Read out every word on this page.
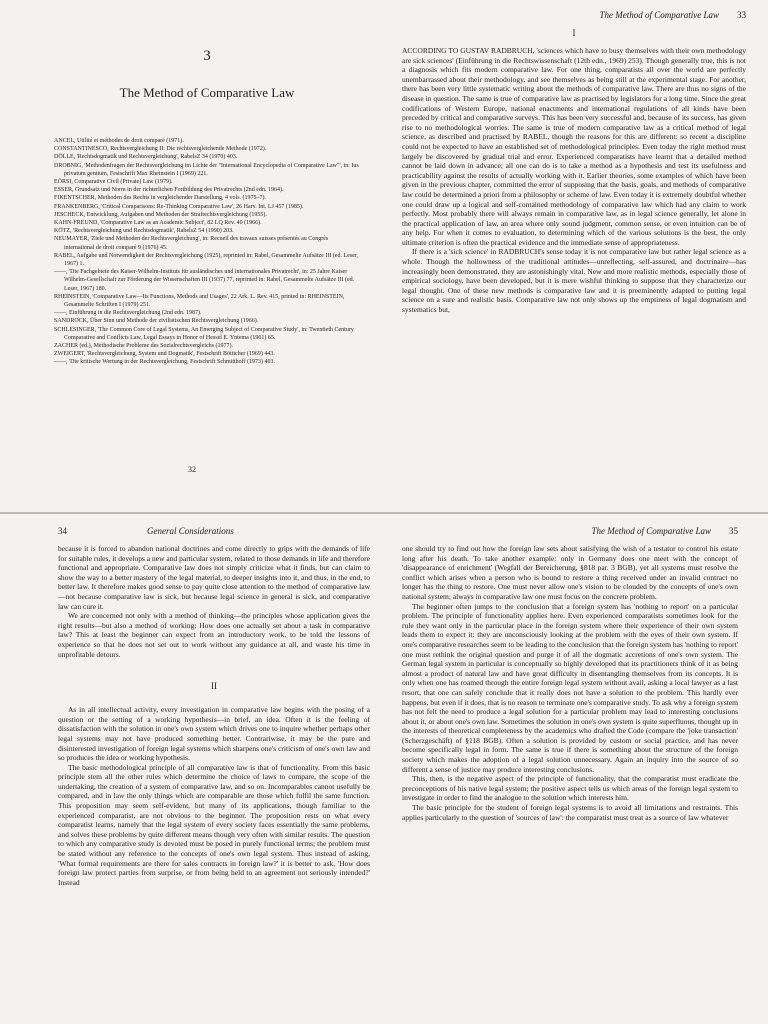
3
The Method of Comparative Law
ANCEL, Utilité et méthodes de droit comparé (1971).
CONSTANTINESCO, Rechtsvergleichung II: Die rechtsvergleichende Methode (1972).
DÖLLE, 'Rechtsdogmatik und Rechtsvergleichung', RabelsZ 34 (1970) 403.
DROBNIG, 'Methodenfragen der Rechtsvergleichung im Lichte der "International Encyclopedia of Comparative Law"', in: Ius privatum gentium, Festschrift Max Rheinstein I (1969) 221.
EÖRSI, Comparative Civil (Private) Law (1979).
ESSER, Grundsatz und Norm in der richterlichen Fortbildung des Privatrechts (2nd edn. 1964).
FIKENTSCHER, Methoden des Rechts in vergleichender Darstellung, 4 vols. (1975–7).
FRANKENBERG, 'Critical Comparisons: Re-Thinking Comparative Law', 26 Harv. Int. LJ 457 (1985).
JESCHECK, Entwicklung, Aufgaben und Methoden der Strafrechtsvergleichung (1955).
KAHN-FREUND, 'Comparative Law as an Academic Subject', 82 LQ Rev. 40 (1966).
KÖTZ, 'Rechtsvergleichung und Rechtsdogmatik', RabelsZ 54 (1990) 203.
NEUMAYER, 'Ziele und Methoden der Rechtsvergleichung', in: Recueil des travaux suisses présentés au Congrès international de droit comparé 9 (1976) 45.
RABEL, Aufgabe und Notwendigkeit der Rechtsvergleichung (1925), reprinted in: Rabel, Gesammelte Aufsätze III (ed. Leser, 1967) 1.
——, 'Die Fachgebiete des Kaiser-Wilhelm-Instituts für ausländisches und internationales Privatrecht', in: 25 Jahre Kaiser Wilhelm-Gesellschaft zur Förderung der Wissenschaften III (1937) 77, reprinted in: Rabel, Gesammelte Aufsätze III (ed. Leser, 1967) 180.
RHEINSTEIN, 'Comparative Law—Its Functions, Methods and Usages', 22 Ark. L. Rev. 415, printed in: RHEINSTEIN, Gesammelte Schriften I (1979) 251.
——, Einführung in die Rechtsvergleichung (2nd edn. 1987).
SANDROCK, Über Sinn und Methode der zivilistischen Rechtsvergleichung (1966).
SCHLESINGER, 'The Common Core of Legal Systems, An Emerging Subject of Comparative Study', in: Twentieth Century Comparative and Conflicts Law, Legal Essays in Honor of Hessel E. Yntema (1961) 65.
ZACHER (ed.), Methodische Probleme des Sozialrechtsvergleichs (1977).
ZWEIGERT, 'Rechtsvergleichung, System und Dogmatik', Festschrift Bötticher (1969) 443.
——, 'Die kritische Wertung in der Rechtsvergleichung, Festschrift Schmitthoff (1973) 403.
32
The Method of Comparative Law 33
I

ACCORDING TO GUSTAV RADBRUCH, 'sciences which have to busy themselves with their own methodology are sick sciences' (Einführung in die Rechtswissenschaft (12th edn., 1969) 253). Though generally true, this is not a diagnosis which fits modern comparative law. For one thing, comparatists all over the world are perfectly unembarrassed about their methodology, and see themselves as being still at the experimental stage. For another, there has been very little systematic writing about the methods of comparative law. There are thus no signs of the disease in question. The same is true of comparative law as practised by legislators for a long time. Since the great codifications of Western Europe, national enactments and international regulations of all kinds have been preceded by critical and comparative surveys. This has been very successful and, because of its success, has given rise to no methodological worries. The same is true of modern comparative law as a critical method of legal science, as described and practised by RABEL, though the reasons for this are different: so recent a discipline could not be expected to have an established set of methodological principles. Even today the right method must largely be discovered by gradual trial and error. Experienced comparatists have learnt that a detailed method cannot be laid down in advance; all one can do is to take a method as a hypothesis and test its usefulness and practicability against the results of actually working with it. Earlier theories, some examples of which have been given in the previous chapter, committed the error of supposing that the basis, goals, and methods of comparative law could be determined a priori from a philosophy or scheme of law. Even today it is extremely doubtful whether one could draw up a logical and self-contained methodology of comparative law which had any claim to work perfectly. Most probably there will always remain in comparative law, as in legal science generally, let alone in the practical application of law, an area where only sound judgment, common sense, or even intuition can be of any help. For when it comes to evaluation, to determining which of the various solutions is the best, the only ultimate criterion is often the practical evidence and the immediate sense of appropriateness.

If there is a 'sick science' in RADBRUCH's sense today it is not comparative law but rather legal science as a whole. Though the hollowness of the traditional attitudes—unreflecting, self-assured, and doctrinaire—has increasingly been demonstrated, they are astonishingly vital. New and more realistic methods, especially those of empirical sociology, have been developed, but it is mere wishful thinking to suppose that they characterize our legal thought. One of these new methods is comparative law and it is preeminently adapted to putting legal science on a sure and realistic basis. Comparative law not only shows up the emptiness of legal dogmatism and systematics but,

34	General Considerations

because it is forced to abandon national doctrines and come directly to grips with the demands of life for suitable rules, it develops a new and particular system, related to those demands in life and therefore functional and appropriate. Comparative law does not simply criticize what it finds, but can claim to show the way to a better mastery of the legal material, to deeper insights into it, and thus, in the end, to better law. It therefore makes good sense to pay quite close attention to the method of comparative law—not because comparative law is sick, but because legal science in general is sick, and comparative law can cure it.

We are concerned not only with a method of thinking—the principles whose application gives the right results—but also a method of working: How does one actually set about a task in comparative law? This at least the beginner can expect from an introductory work, to be told the lessons of experience so that he does not set out to work without any guidance at all, and waste his time in unprofitable detours.

II

As in all intellectual activity, every investigation in comparative law begins with the posing of a question or the setting of a working hypothesis—in brief, an idea. Often it is the feeling of dissatisfaction with the solution in one's own system which drives one to inquire whether perhaps other legal systems may not have produced something better. Contrariwise, it may be the pure and disinterested investigation of foreign legal systems which sharpens one's criticism of one's own law and so produces the idea or working hypothesis.

The basic methodological principle of all comparative law is that of functionality. From this basic principle stem all the other rules which determine the choice of laws to compare, the scope of the undertaking, the creation of a system of comparative law, and so on. Incomparables cannot usefully be compared, and in law the only things which are comparable are those which fulfil the same function. This proposition may seem self-evident, but many of its applications, though familiar to the experienced comparatist, are not obvious to the beginner. The proposition rests on what every comparatist learns, namely that the legal system of every society faces essentially the same problems, and solves these problems by quite different means though very often with similar results. The question to which any comparative study is devoted must be posed in purely functional terms; the problem must be stated without any reference to the concepts of one's own legal system. Thus instead of asking, 'What formal requirements are there for sales contracts in foreign law?' it is better to ask, 'How does foreign law protect parties from surprise, or from being held to an agreement not seriously intended?' Instead

The Method of Comparative Law 35

one should try to find out how the foreign law sets about satisfying the wish of a testator to control his estate long after his death. To take another example: only in Germany does one meet with the concept of 'disappearance of enrichment' (Wegfall der Bereicherung, §818 par. 3 BGB), yet all systems must resolve the conflict which arises when a person who is bound to restore a thing received under an invalid contract no longer has the thing to restore. One must never allow one's vision to be clouded by the concepts of one's own national system; always in comparative law one must focus on the concrete problem.

The beginner often jumps to the conclusion that a foreign system has 'nothing to report' on a particular problem. The principle of functionality applies here. Even experienced comparatists sometimes look for the rule they want only in the particular place in the foreign system where their experience of their own system leads them to expect it: they are unconsciously looking at the problem with the eyes of their own system. If one's comparative researches seem to be leading to the conclusion that the foreign system has 'nothing to report' one must rethink the original question and purge it of all the dogmatic accretions of one's own system. The German legal system in particular is conceptually so highly developed that its practitioners think of it as being almost a product of natural law and have great difficulty in disentangling themselves from its concepts. It is only when one has roamed through the entire foreign legal system without avail, asking a local lawyer as a last resort, that one can safely conclude that it really does not have a solution to the problem. This hardly ever happens, but even if it does, that is no reason to terminate one's comparative study. To ask why a foreign system has not felt the need to produce a legal solution for a particular problem may lead to interesting conclusions about it, or about one's own law. Sometimes the solution in one's own system is quite superfluous, thought up in the interests of theoretical completeness by the academics who drafted the Code (compare the 'joke transaction' (Scherzgeschäft) of §118 BGB). Often a solution is provided by custom or social practice, and has never become specifically legal in form. The same is true if there is something about the structure of the foreign society which makes the adoption of a legal solution unnecessary. Again an inquiry into the source of so different a sense of justice may produce interesting conclusions.

This, then, is the negative aspect of the principle of functionality, that the comparatist must eradicate the preconceptions of his native legal system; the positive aspect tells us which areas of the foreign legal system to investigate in order to find the analogue to the solution which interests him.

The basic principle for the student of foreign legal systems is to avoid all limitations and restraints. This applies particularly to the question of 'sources of law': the comparatist must treat as a source of law whatever
